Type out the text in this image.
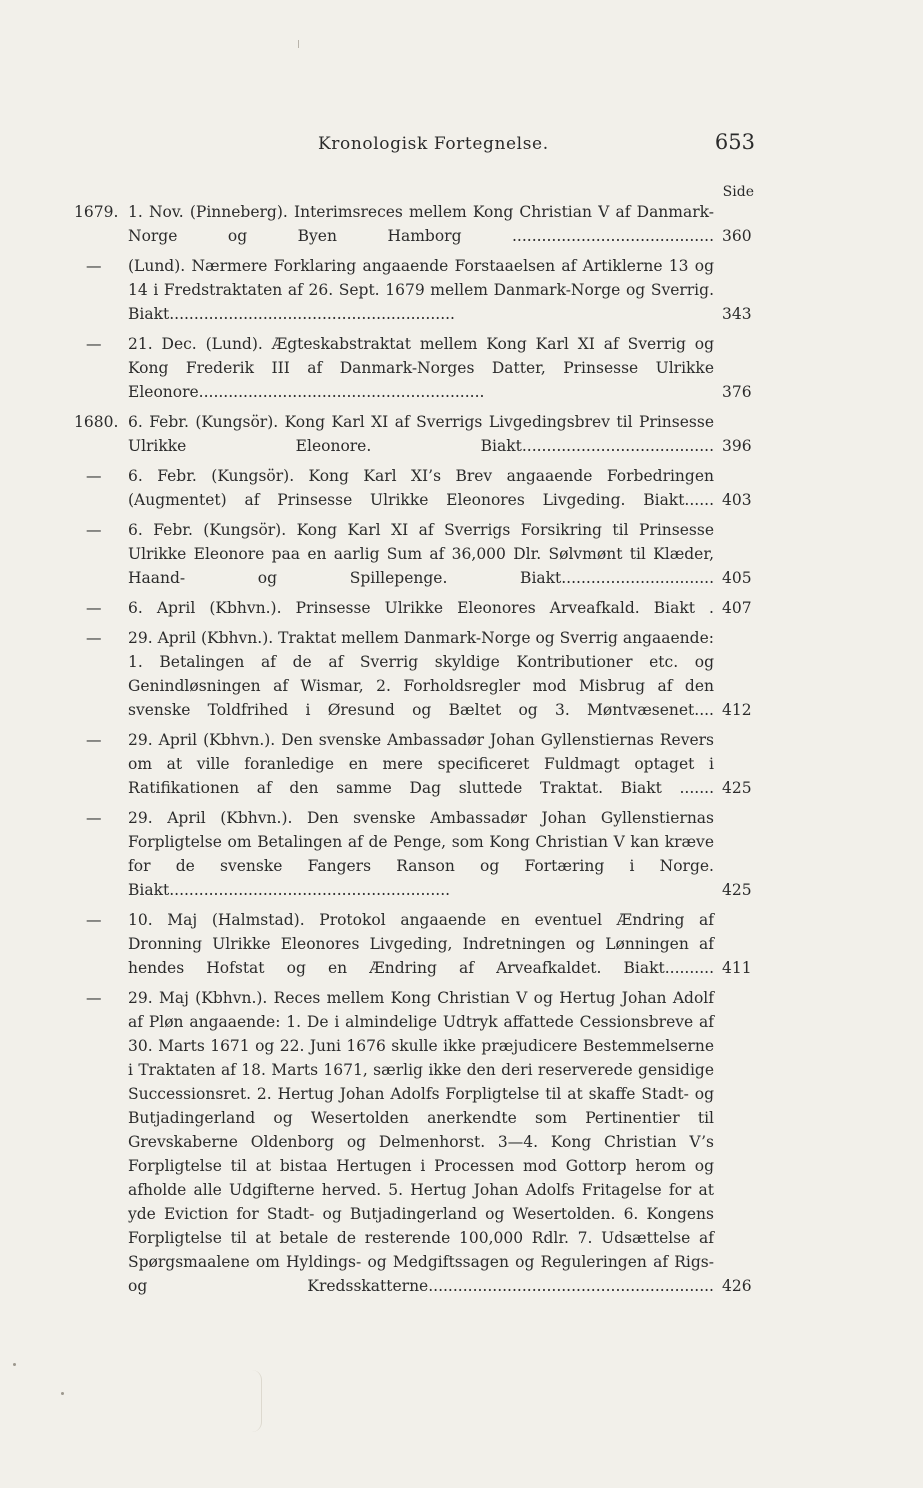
Kronologisk Fortegnelse.	653
Side
1679. 1. Nov. (Pinneberg). Interimsreces mellem Kong Christian V af Danmark-Norge og Byen Hamborg ......................................... 360
— (Lund). Nærmere Forklaring angaaende Forstaaelsen af Artiklerne 13 og 14 i Fredstraktaten af 26. Sept. 1679 mellem Danmark-Norge og Sverrig. Biakt..........................................................	343
— 21. Dec. (Lund). Ægteskabstraktat mellem Kong Karl XI af Sverrig og Kong Frederik III af Danmark-Norges Datter, Prinsesse Ulrikke Eleonore..........................................................	376
1680. 6. Febr. (Kungsör). Kong Karl XI af Sverrigs Livgedingsbrev til Prinsesse Ulrikke Eleonore. Biakt....................................... 396
— 6. Febr. (Kungsör). Kong Karl XI’s Brev angaaende Forbedringen (Augmentet) af Prinsesse Ulrikke Eleonores Livgeding. Biakt...... 403
— 6. Febr. (Kungsör). Kong Karl XI af Sverrigs Forsikring til Prinsesse Ulrikke Eleonore paa en aarlig Sum af 36,000 Dlr. Sølvmønt til Klæder, Haand- og Spillepenge. Biakt............................... 405
— 6. April (Kbhvn.). Prinsesse Ulrikke Eleonores Arveafkald. Biakt . 407
— 29. April (Kbhvn.). Traktat mellem Danmark-Norge og Sverrig angaaende: 1. Betalingen af de af Sverrig skyldige Kontributioner etc. og Genindløsningen af Wismar, 2. Forholdsregler mod Misbrug af den svenske Toldfrihed i Øresund og Bæltet og 3. Møntvæsenet.... 412
— 29. April (Kbhvn.). Den svenske Ambassadør Johan Gyllenstiernas Revers om at ville foranledige en mere specificeret Fuldmagt optaget i Ratifikationen af den samme Dag sluttede Traktat. Biakt ....... 425
— 29. April (Kbhvn.). Den svenske Ambassadør Johan Gyllenstiernas Forpligtelse om Betalingen af de Penge, som Kong Christian V kan kræve for de svenske Fangers Ranson og Fortæring i Norge. Biakt.........................................................	425
— 10. Maj (Halmstad). Protokol angaaende en eventuel Ændring af Dronning Ulrikke Eleonores Livgeding, Indretningen og Lønningen af hendes Hofstat og en Ændring af Arveafkaldet. Biakt.......... 411
— 29. Maj (Kbhvn.). Reces mellem Kong Christian V og Hertug Johan Adolf af Pløn angaaende: 1. De i almindelige Udtryk affattede Cessionsbreve af 30. Marts 1671 og 22. Juni 1676 skulle ikke præjudicere Bestemmelserne i Traktaten af 18. Marts 1671, særlig ikke den deri reserverede gensidige Successionsret. 2. Hertug Johan Adolfs Forpligtelse til at skaffe Stadt- og Butjadingerland og Wesertolden anerkendte som Pertinentier til Grevskaberne Oldenborg og Delmenhorst. 3—4. Kong Christian V’s Forpligtelse til at bistaa Hertugen i Processen mod Gottorp herom og afholde alle Udgifterne herved. 5. Hertug Johan Adolfs Fritagelse for at yde Eviction for Stadt- og Butjadingerland og Wesertolden. 6. Kongens Forpligtelse til at betale de resterende 100,000 Rdlr. 7. Udsættelse af Spørgsmaalene om Hyldings- og Medgiftssagen og Reguleringen af Rigs- og Kredsskatterne.......................................................... 426
